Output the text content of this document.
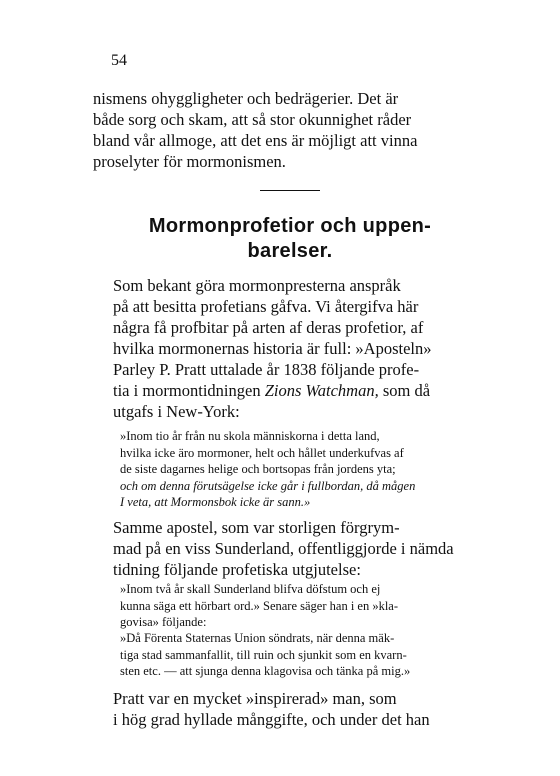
54

nismens ohyggligheter och bedrägerier. Det är
både sorg och skam, att så stor okunnighet råder
bland vår allmoge, att det ens är möjligt att vinna
proselyter för mormonismen.

Mormonprofetior och uppen-
barelser.

Som bekant göra mormonpresterna anspråk
på att besitta profetians gåfva. Vi återgifva här
några få profbitar på arten af deras profetior, af
hvilka mormonernas historia är full: »Aposteln»
Parley P. Pratt uttalade år 1838 följande profe-
tia i mormontidningen Zions Watchman, som då
utgafs i New-York:

»Inom tio år från nu skola människorna i detta land,
hvilka icke äro mormoner, helt och hållet underkufvas af
de siste dagarnes helige och bortsopas från jordens yta;
och om denna förutsägelse icke går i fullbordan, då mågen
I veta, att Mormonsbok icke är sann.»

Samme apostel, som var storligen förgrym-
mad på en viss Sunderland, offentliggjorde i nämda
tidning följande profetiska utgjutelse:

»Inom två år skall Sunderland blifva döfstum och ej
kunna säga ett hörbart ord.» Senare säger han i en »kla-
govisa» följande:

»Då Förenta Staternas Union söndrats, när denna mäk-
tiga stad sammanfallit, till ruin och sjunkit som en kvarn-
sten etc. — att sjunga denna klagovisa och tänka på mig.»

Pratt var en mycket »inspirerad» man, som
i hög grad hyllade månggifte, och under det han
